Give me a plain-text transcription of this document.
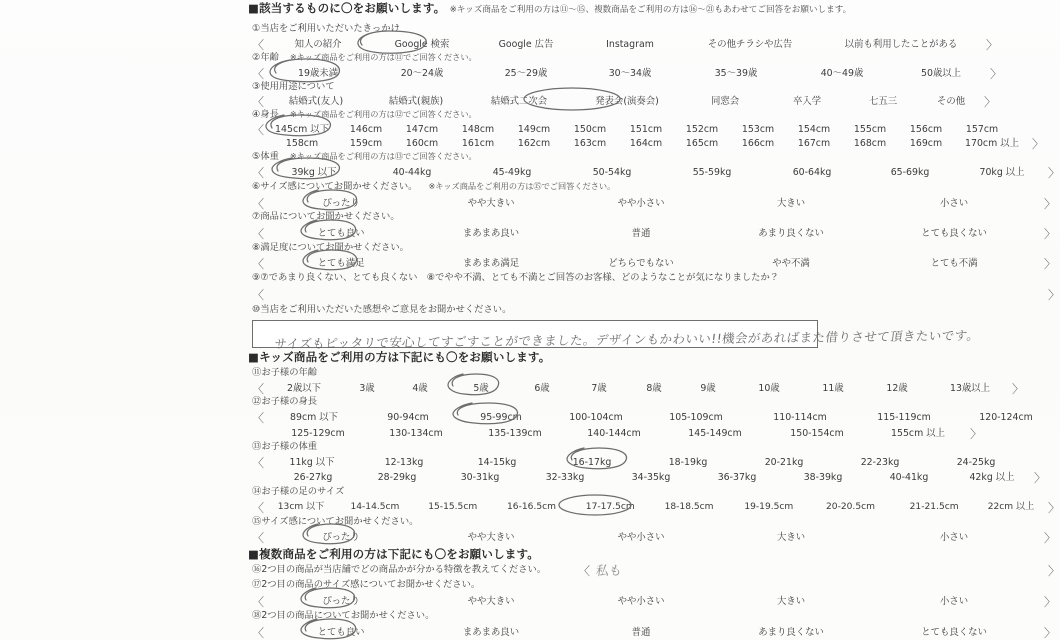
■該当するものに〇をお願いします。 ※キッズ商品をご利用の方は⑪～⑮、複数商品をご利用の方は⑯～㉑もあわせてご回答をお願いします。
①当店をご利用いただいたきっかけ
〈	知人の紹介	Google 検索	Google 広告	Instagram	その他チラシや広告	以前も利用したことがある	〉
②年齢 ※キッズ商品をご利用の方は⑪でご回答ください。
〈	19歳未満	20～24歳	25～29歳	30～34歳	35～39歳	40～49歳	50歳以上	〉
③使用用途について
〈	結婚式(友人)	結婚式(親族)	結婚式二次会	発表会(演奏会)	同窓会	卒入学	七五三	その他	〉
④身長 ※キッズ商品をご利用の方は⑫でご回答ください。
〈	145cm 以下	146cm	147cm	148cm	149cm	150cm	151cm	152cm	153cm	154cm	155cm	156cm	157cm
158cm	159cm	160cm	161cm	162cm	163cm	164cm	165cm	166cm	167cm	168cm	169cm	170cm 以上	〉
⑤体重 ※キッズ商品をご利用の方は⑬でご回答ください。
〈	39kg 以下	40-44kg	45-49kg	50-54kg	55-59kg	60-64kg	65-69kg	70kg 以上	〉
⑥サイズ感についてお聞かせください。 ※キッズ商品をご利用の方は⑮でご回答ください。
〈	ぴったり	やや大きい	やや小さい	大きい	小さい	〉
⑦商品についてお聞かせください。
〈	とても良い	まあまあ良い	普通	あまり良くない	とても良くない	〉
⑧満足度についてお聞かせください。
〈	とても満足	まあまあ満足	どちらでもない	やや不満	とても不満	〉
⑨⑦であまり良くない、とても良くない　⑧でやや不満、とても不満とご回答のお客様、どのようなことが気になりましたか？
〈	〉
⑩当店をご利用いただいた感想やご意見をお聞かせください。
サイズもピッタリで安心してすごすことができました。デザインもかわいい!!機会があればまた借りさせて頂きたいです。
■キッズ商品をご利用の方は下記にも〇をお願いします。
⑪お子様の年齢
〈	2歳以下	3歳	4歳	5歳	6歳	7歳	8歳	9歳	10歳	11歳	12歳	13歳以上	〉
⑫お子様の身長
〈	89cm 以下	90-94cm	95-99cm	100-104cm	105-109cm	110-114cm	115-119cm	120-124cm
125-129cm	130-134cm	135-139cm	140-144cm	145-149cm	150-154cm	155cm 以上	〉
⑬お子様の体重
〈	11kg 以下	12-13kg	14-15kg	16-17kg	18-19kg	20-21kg	22-23kg	24-25kg
26-27kg	28-29kg	30-31kg	32-33kg	34-35kg	36-37kg	38-39kg	40-41kg	42kg 以上	〉
⑭お子様の足のサイズ
〈	13cm 以下	14-14.5cm	15-15.5cm	16-16.5cm	17-17.5cm	18-18.5cm	19-19.5cm	20-20.5cm	21-21.5cm	22cm 以上	〉
⑮サイズ感についてお聞かせください。
〈	ぴったり	やや大きい	やや小さい	大きい	小さい	〉
■複数商品をご利用の方は下記にも〇をお願いします。
⑯2つ目の商品が当店舗でどの商品かが分かる特徴を教えてください。	〈	〉
私も
⑰2つ目の商品のサイズ感についてお聞かせください。
〈	ぴったり	やや大きい	やや小さい	大きい	小さい	〉
⑱2つ目の商品についてお聞かせください。
〈	とても良い	まあまあ良い	普通	あまり良くない	とても良くない	〉
